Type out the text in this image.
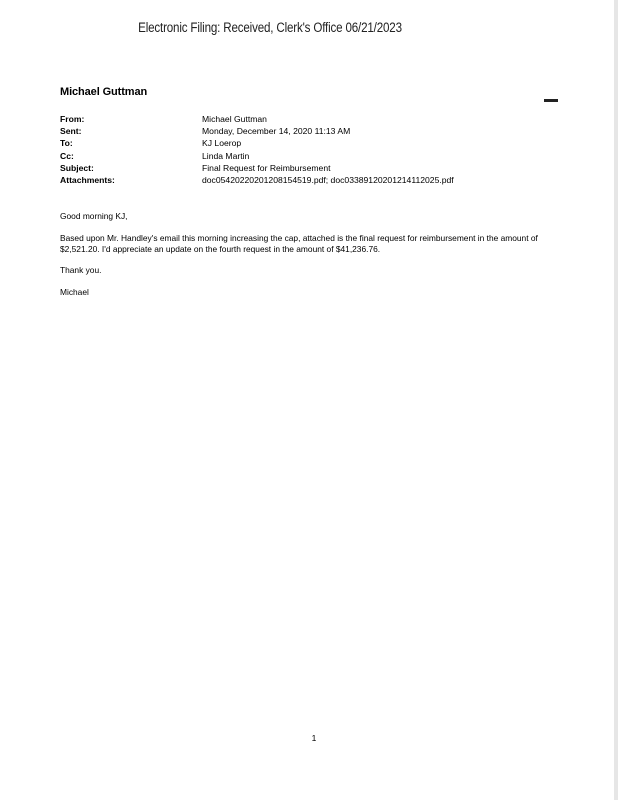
Electronic Filing: Received, Clerk's Office 06/21/2023
Michael Guttman
From:	Michael Guttman
Sent:	Monday, December 14, 2020 11:13 AM
To:	KJ Loerop
Cc:	Linda Martin
Subject:	Final Request for Reimbursement
Attachments:	doc05420220201208154519.pdf; doc03389120201214112025.pdf
Good morning KJ,
Based upon Mr. Handley's email this morning increasing the cap, attached is the final request for reimbursement in the amount of $2,521.20. I'd appreciate an update on the fourth request in the amount of $41,236.76.
Thank you.
Michael
1
